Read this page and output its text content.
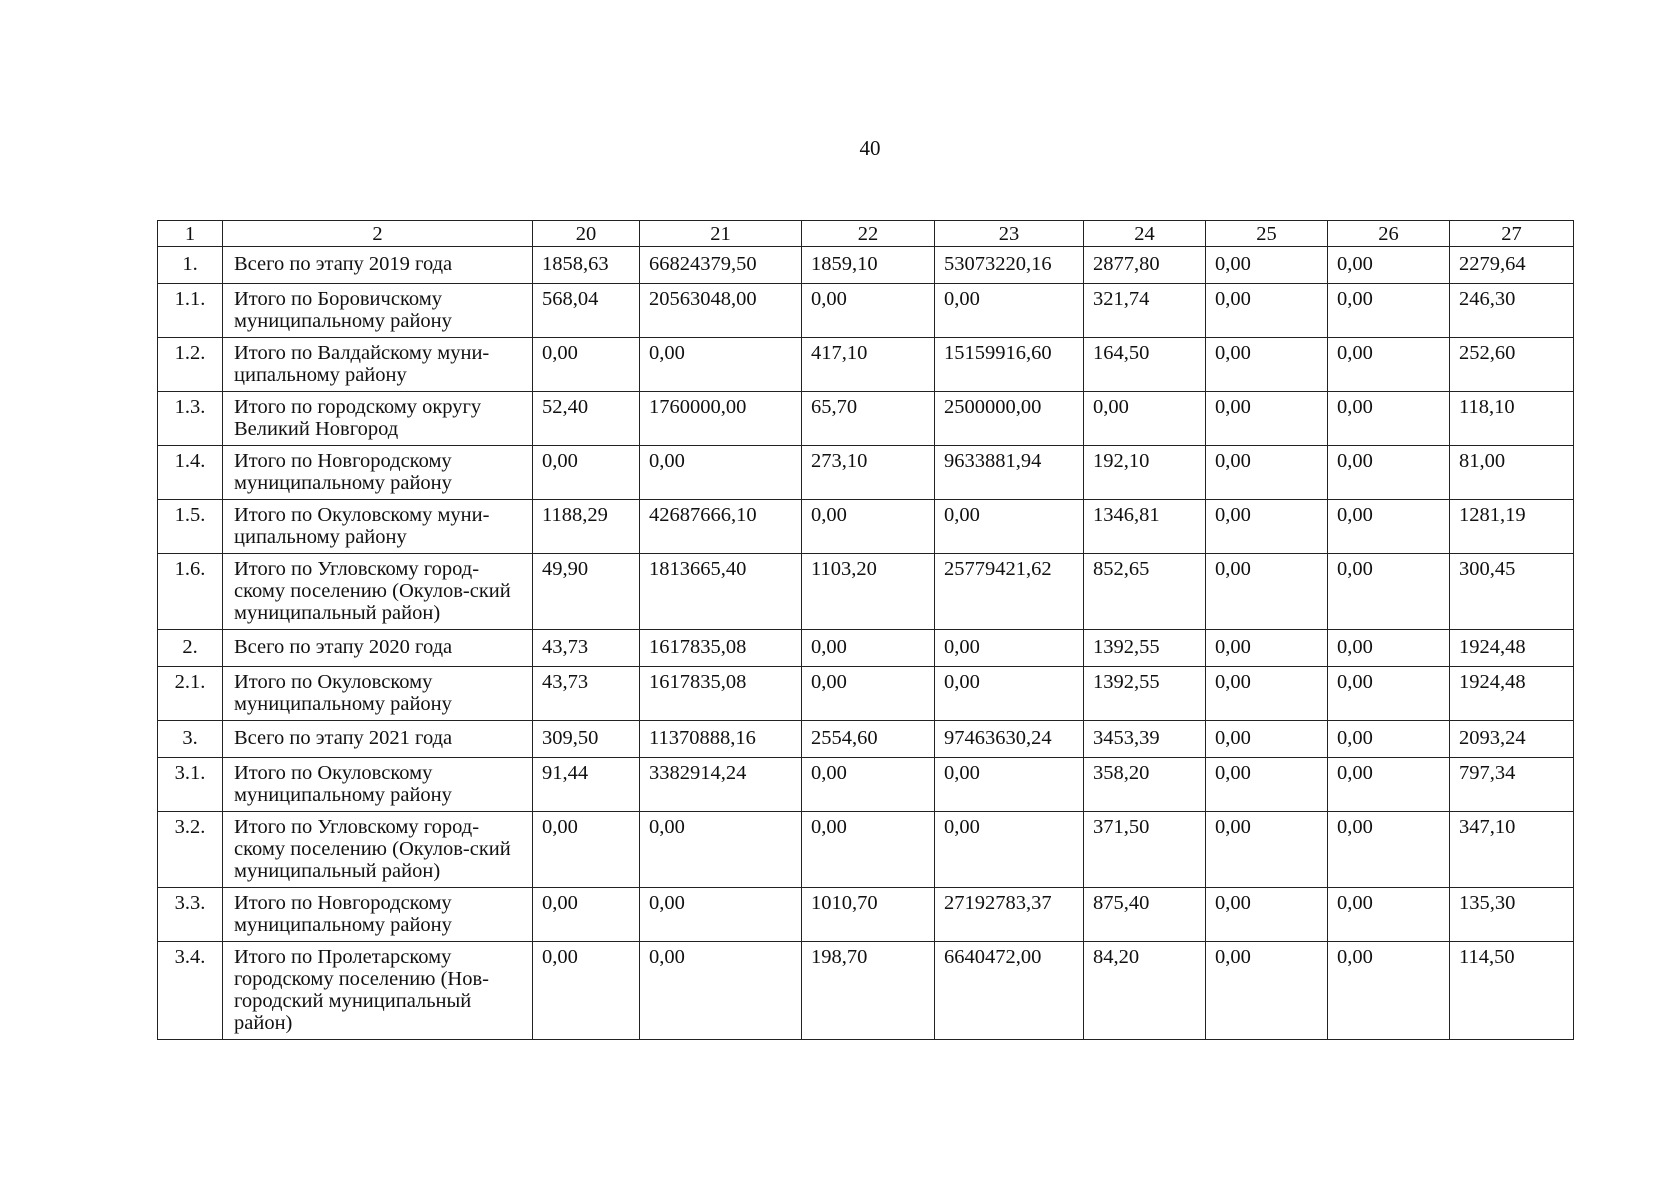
40
1	2	20	21	22	23	24	25	26	27
1.	Всего по этапу 2019 года	1858,63	66824379,50	1859,10	53073220,16	2877,80	0,00	0,00	2279,64
1.1.	Итого по Боровичскому муниципальному району	568,04	20563048,00	0,00	0,00	321,74	0,00	0,00	246,30
1.2.	Итого по Валдайскому муни-ципальному району	0,00	0,00	417,10	15159916,60	164,50	0,00	0,00	252,60
1.3.	Итого по городскому округу Великий Новгород	52,40	1760000,00	65,70	2500000,00	0,00	0,00	0,00	118,10
1.4.	Итого по Новгородскому муниципальному району	0,00	0,00	273,10	9633881,94	192,10	0,00	0,00	81,00
1.5.	Итого по Окуловскому муни-ципальному району	1188,29	42687666,10	0,00	0,00	1346,81	0,00	0,00	1281,19
1.6.	Итого по Угловскому город-скому поселению (Окулов-ский муниципальный район)	49,90	1813665,40	1103,20	25779421,62	852,65	0,00	0,00	300,45
2.	Всего по этапу 2020 года	43,73	1617835,08	0,00	0,00	1392,55	0,00	0,00	1924,48
2.1.	Итого по Окуловскому муниципальному району	43,73	1617835,08	0,00	0,00	1392,55	0,00	0,00	1924,48
3.	Всего по этапу 2021 года	309,50	11370888,16	2554,60	97463630,24	3453,39	0,00	0,00	2093,24
3.1.	Итого по Окуловскому муниципальному району	91,44	3382914,24	0,00	0,00	358,20	0,00	0,00	797,34
3.2.	Итого по Угловскому город-скому поселению (Окулов-ский муниципальный район)	0,00	0,00	0,00	0,00	371,50	0,00	0,00	347,10
3.3.	Итого по Новгородскому муниципальному району	0,00	0,00	1010,70	27192783,37	875,40	0,00	0,00	135,30
3.4.	Итого по Пролетарскому городскому поселению (Нов-городский муниципальный район)	0,00	0,00	198,70	6640472,00	84,20	0,00	0,00	114,50
